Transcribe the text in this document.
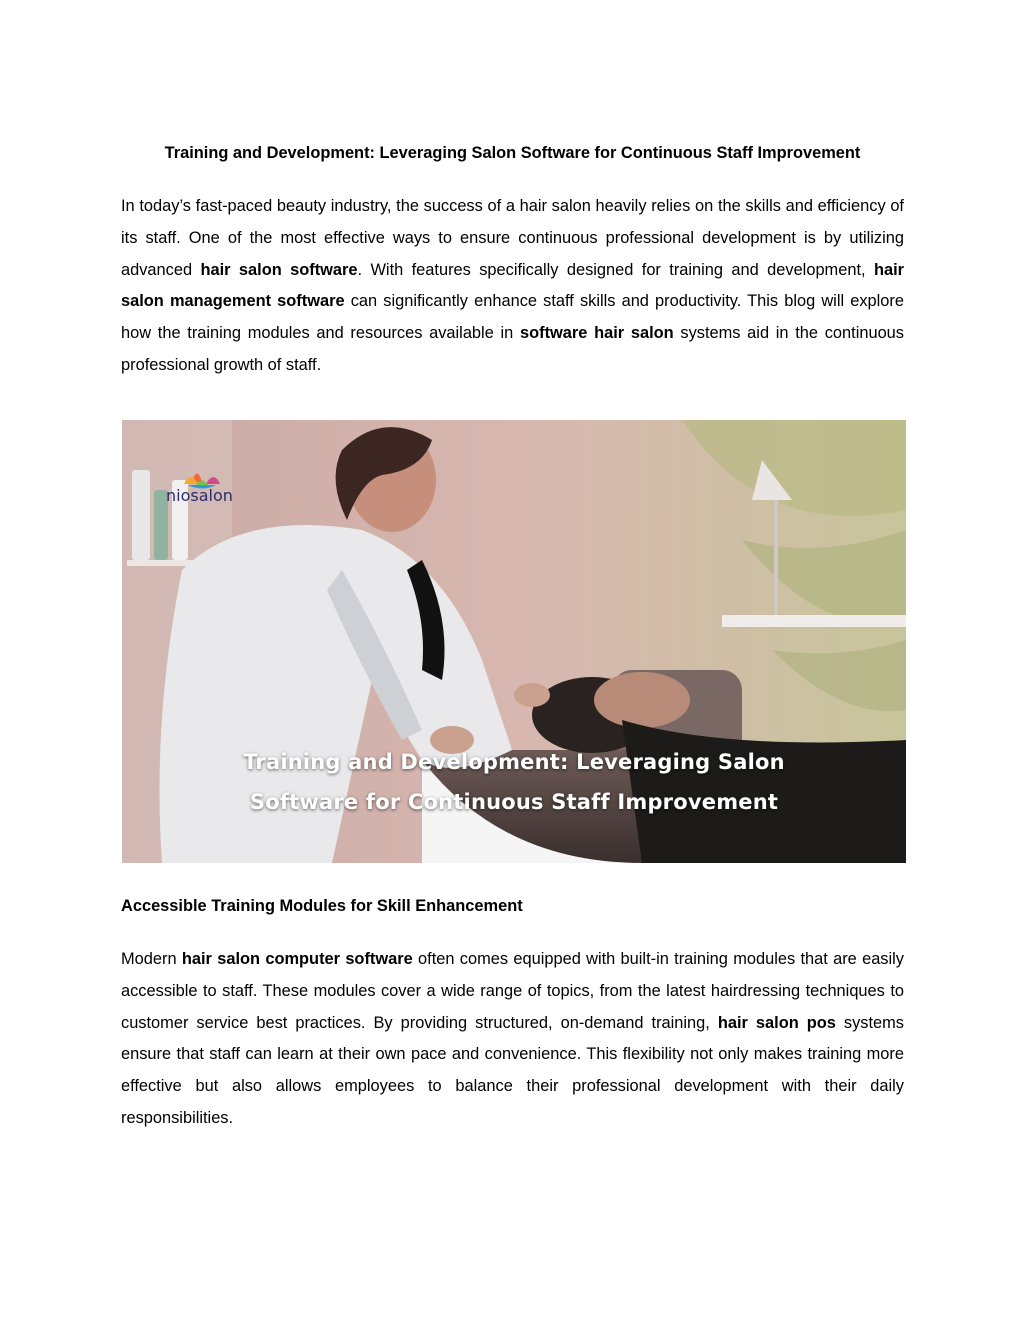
Training and Development: Leveraging Salon Software for Continuous Staff Improvement

In today’s fast-paced beauty industry, the success of a hair salon heavily relies on the skills and efficiency of its staff. One of the most effective ways to ensure continuous professional development is by utilizing advanced hair salon software. With features specifically designed for training and development, hair salon management software can significantly enhance staff skills and productivity. This blog will explore how the training modules and resources available in software hair salon systems aid in the continuous professional growth of staff.

niosalon
Training and Development: Leveraging Salon
Software for Continuous Staff Improvement
Accessible Training Modules for Skill Enhancement

Modern hair salon computer software often comes equipped with built-in training modules that are easily accessible to staff. These modules cover a wide range of topics, from the latest hairdressing techniques to customer service best practices. By providing structured, on-demand training, hair salon pos systems ensure that staff can learn at their own pace and convenience. This flexibility not only makes training more effective but also allows employees to balance their professional development with their daily responsibilities.
